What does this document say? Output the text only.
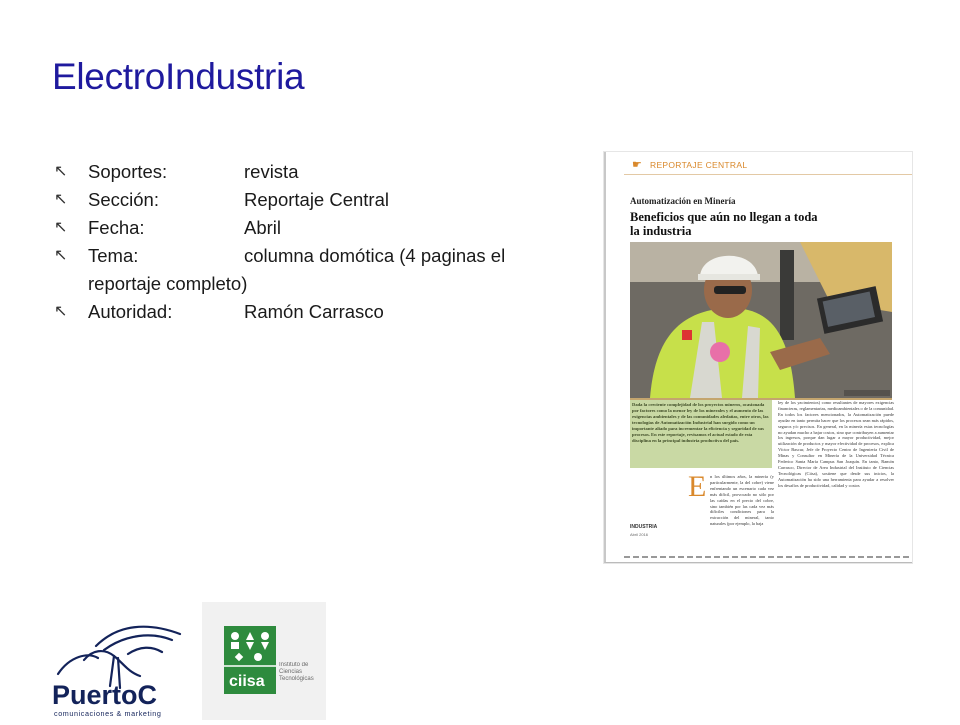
ElectroIndustria
↖ Soportes:	revista
↖ Sección:	Reportaje Central
↖ Fecha:	Abril
↖ Tema:	columna domótica (4 paginas el reportaje completo)
↖ Autoridad:	Ramón Carrasco
☛ REPORTAJE CENTRAL
Automatización en Minería
Beneficios que aún no llegan a toda la industria
Dada la creciente complejidad de los proyectos mineros, ocasionada por factores como la menor ley de los minerales y el aumento de las exigencias ambientales y de las comunidades aledañas, entre otros, las tecnologías de Automatización Industrial han surgido como un importante aliado para incrementar la eficiencia y seguridad de sus procesos. En este reportaje, revisamos el actual estado de esta disciplina en la principal industria productiva del país.
ley de los yacimientos) como resultantes de mayores exigencias financieras, reglamentarias, medioambientales o de la comunidad. En todos los factores mencionados, la Automatización puede ayudar en tanto permita hacer que los procesos sean más rápidos, seguros y/o precisos. En general, en la minería estas tecnologías no ayudan mucho a bajar costos, sino que contribuyen a aumentar los ingresos, porque dan lugar a mayor productividad, mejor utilización de productos y mayor efectividad de procesos, explica Víctor Bascur, Jefe de Proyecto Centro de Ingeniería Civil de Minas y Consultor en Minería de la Universidad Técnica Federico Santa María Campus San Joaquín. En tanto, Ramón Carrasco, Director de Area Industrial del Instituto de Ciencias Tecnológicas (Ciisa), sostiene que desde sus inicios, la Automatización ha sido una herramienta para ayudar a resolver los desafíos de productividad, calidad y costos
E n los últimos años, la minería (y particularmente, la del cobre) viene enfrentando un escenario cada vez más difícil, provocado no sólo por las caídas en el precio del cobre, sino también por las cada vez más difíciles condiciones para la extracción del mineral, tanto naturales (por ejemplo, la baja
INDUSTRIA
Abril 2016
PuertoC
comunicaciones & marketing
ciisa
Instituto de Ciencias Tecnológicas
